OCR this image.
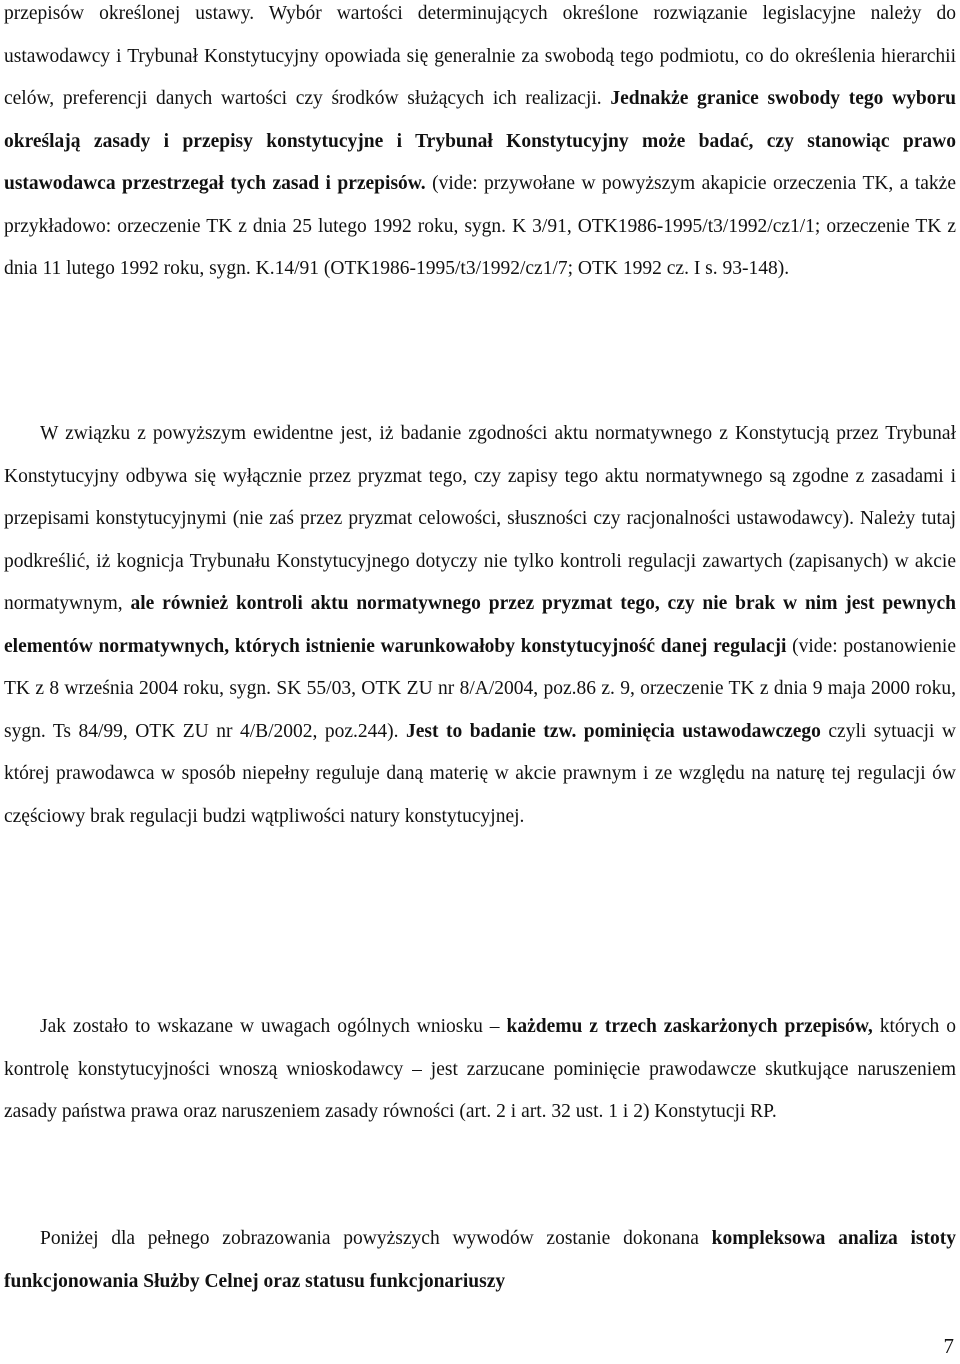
przepisów określonej ustawy. Wybór wartości determinujących określone rozwiązanie legislacyjne należy do ustawodawcy i Trybunał Konstytucyjny opowiada się generalnie za swobodą tego podmiotu, co do określenia hierarchii celów, preferencji danych wartości czy środków służących ich realizacji. Jednakże granice swobody tego wyboru określają zasady i przepisy konstytucyjne i Trybunał Konstytucyjny może badać, czy stanowiąc prawo ustawodawca przestrzegał tych zasad i przepisów. (vide: przywołane w powyższym akapicie orzeczenia TK, a także przykładowo: orzeczenie TK z dnia 25 lutego 1992 roku, sygn. K 3/91, OTK1986-1995/t3/1992/cz1/1; orzeczenie TK z dnia 11 lutego 1992 roku, sygn. K.14/91 (OTK1986-1995/t3/1992/cz1/7; OTK 1992 cz. I s. 93-148).

W związku z powyższym ewidentne jest, iż badanie zgodności aktu normatywnego z Konstytucją przez Trybunał Konstytucyjny odbywa się wyłącznie przez pryzmat tego, czy zapisy tego aktu normatywnego są zgodne z zasadami i przepisami konstytucyjnymi (nie zaś przez pryzmat celowości, słuszności czy racjonalności ustawodawcy). Należy tutaj podkreślić, iż kognicja Trybunału Konstytucyjnego dotyczy nie tylko kontroli regulacji zawartych (zapisanych) w akcie normatywnym, ale również kontroli aktu normatywnego przez pryzmat tego, czy nie brak w nim jest pewnych elementów normatywnych, których istnienie warunkowałoby konstytucyjność danej regulacji (vide: postanowienie TK z 8 września 2004 roku, sygn. SK 55/03, OTK ZU nr 8/A/2004, poz.86 z. 9, orzeczenie TK z dnia 9 maja 2000 roku, sygn. Ts 84/99, OTK ZU nr 4/B/2002, poz.244). Jest to badanie tzw. pominięcia ustawodawczego czyli sytuacji w której prawodawca w sposób niepełny reguluje daną materię w akcie prawnym i ze względu na naturę tej regulacji ów częściowy brak regulacji budzi wątpliwości natury konstytucyjnej.

Jak zostało to wskazane w uwagach ogólnych wniosku – każdemu z trzech zaskarżonych przepisów, których o kontrolę konstytucyjności wnoszą wnioskodawcy – jest zarzucane pominięcie prawodawcze skutkujące naruszeniem zasady państwa prawa oraz naruszeniem zasady równości (art. 2 i art. 32 ust. 1 i 2) Konstytucji RP.

Poniżej dla pełnego zobrazowania powyższych wywodów zostanie dokonana kompleksowa analiza istoty funkcjonowania Służby Celnej oraz statusu funkcjonariuszy

7
